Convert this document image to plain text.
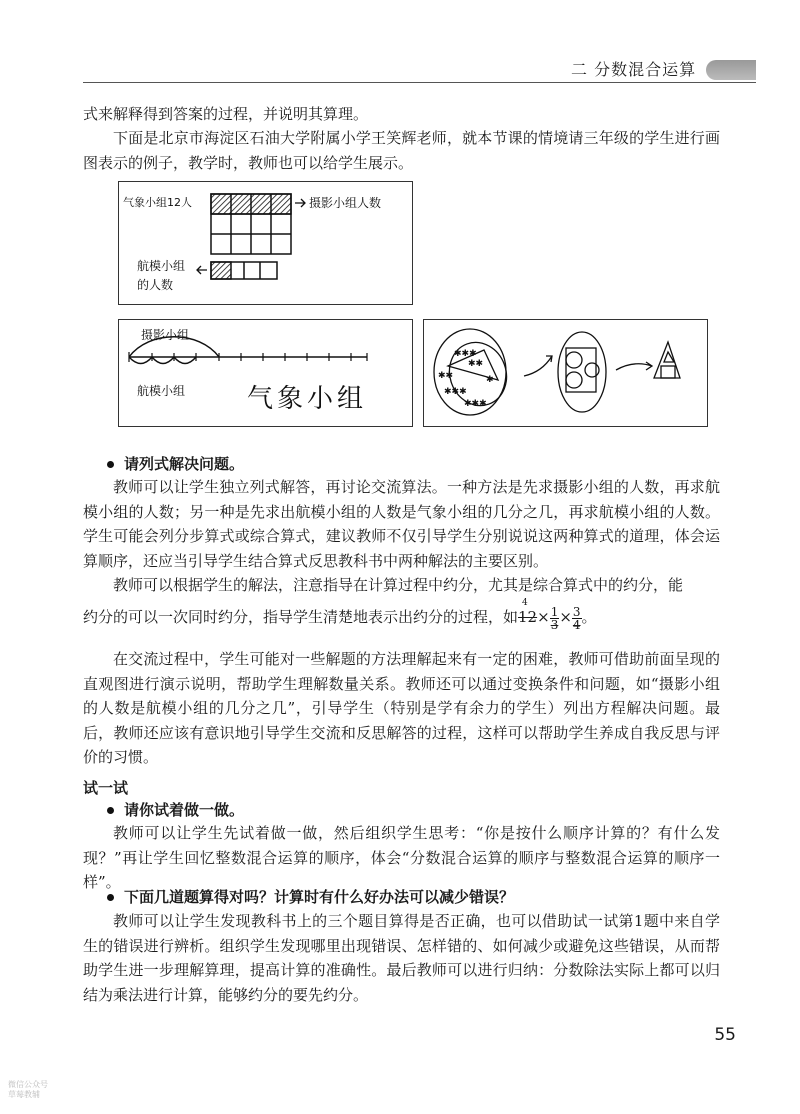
二 分数混合运算

式来解释得到答案的过程，并说明其算理。

下面是北京市海淀区石油大学附属小学王笑辉老师，就本节课的情境请三年级的学生进行画图表示的例子，教学时，教师也可以给学生展示。

气象小组12人	摄影小组人数
航模小组
的人数
摄影小组
航模小组 气象小组
✱✱✱
✱✱
✱✱	✱
✱✱✱
✱✱✱
请列式解决问题。

教师可以让学生独立列式解答，再讨论交流算法。一种方法是先求摄影小组的人数，再求航模小组的人数；另一种是先求出航模小组的人数是气象小组的几分之几，再求航模小组的人数。学生可能会列分步算式或综合算式，建议教师不仅引导学生分别说说这两种算式的道理，体会运算顺序，还应当引导学生结合算式反思教科书中两种解法的主要区别。

教师可以根据学生的解法，注意指导在计算过程中约分，尤其是综合算式中的约分，能

约分的可以一次同时约分，指导学生清楚地表示出约分的过程，如
4
$12\times \frac{1}{3} \times \frac{3}{4}$ 。

在交流过程中，学生可能对一些解题的方法理解起来有一定的困难，教师可借助前面呈现的直观图进行演示说明，帮助学生理解数量关系。教师还可以通过变换条件和问题，如“摄影小组的人数是航模小组的几分之几”，引导学生（特别是学有余力的学生）列出方程解决问题。最后，教师还应该有意识地引导学生交流和反思解答的过程，这样可以帮助学生养成自我反思与评价的习惯。

试一试
请你试着做一做。

教师可以让学生先试着做一做，然后组织学生思考：“你是按什么顺序计算的？有什么发现？”再让学生回忆整数混合运算的顺序，体会“分数混合运算的顺序与整数混合运算的顺序一样”。

下面几道题算得对吗？计算时有什么好办法可以减少错误？

教师可以让学生发现教科书上的三个题目算得是否正确，也可以借助试一试第1题中来自学生的错误进行辨析。组织学生发现哪里出现错误、怎样错的、如何减少或避免这些错误，从而帮助学生进一步理解算理，提高计算的准确性。最后教师可以进行归纳：分数除法实际上都可以归结为乘法进行计算，能够约分的要先约分。

55
微信公众号
草莓教辅
